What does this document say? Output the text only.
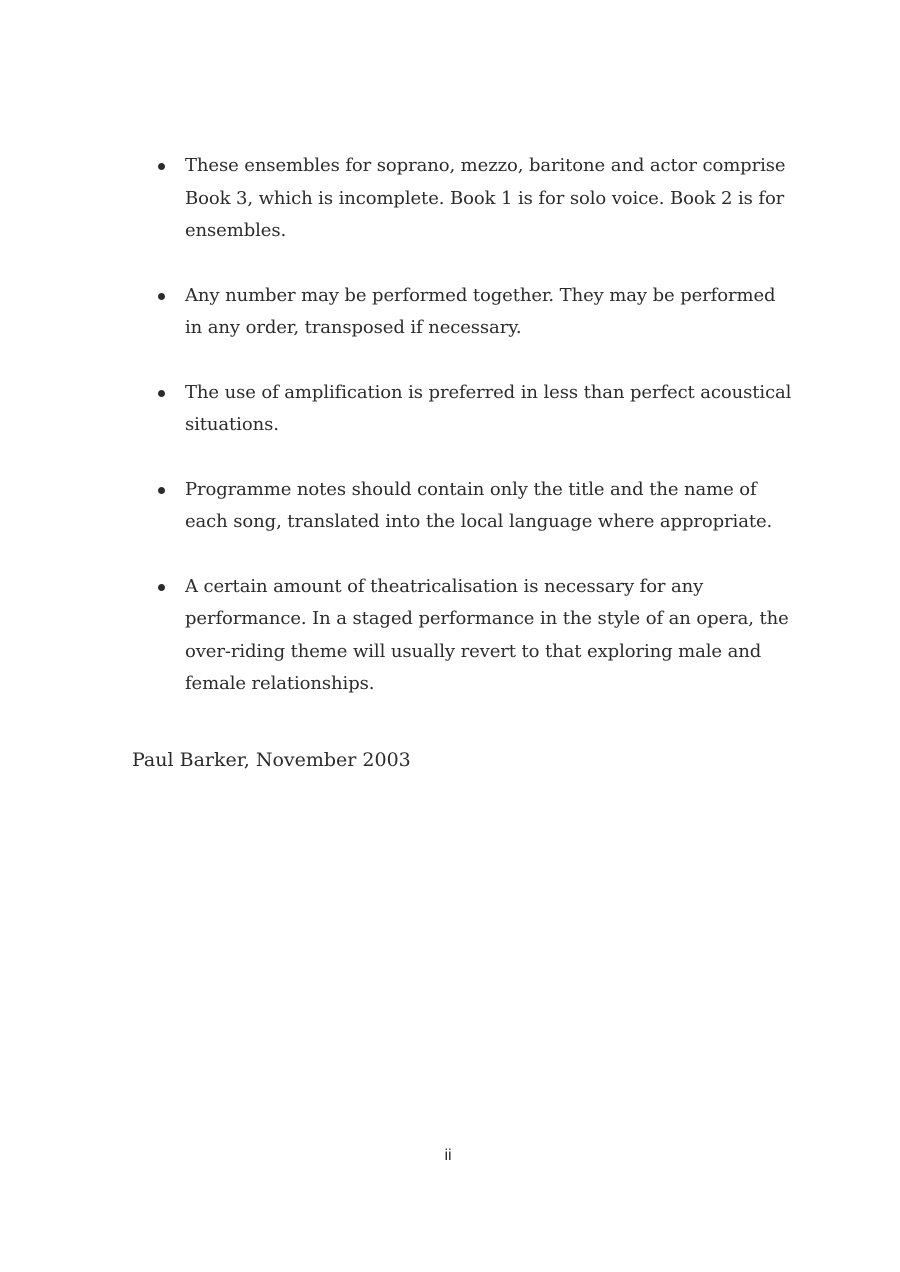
These ensembles for soprano, mezzo, baritone and actor comprise Book 3, which is incomplete. Book 1 is for solo voice. Book 2 is for ensembles.
Any number may be performed together. They may be performed in any order, transposed if necessary.
The use of amplification is preferred in less than perfect acoustical situations.
Programme notes should contain only the title and the name of each song, translated into the local language where appropriate.
A certain amount of theatricalisation is necessary for any performance. In a staged performance in the style of an opera, the over-riding theme will usually revert to that exploring male and female relationships.
Paul Barker, November 2003
ii
